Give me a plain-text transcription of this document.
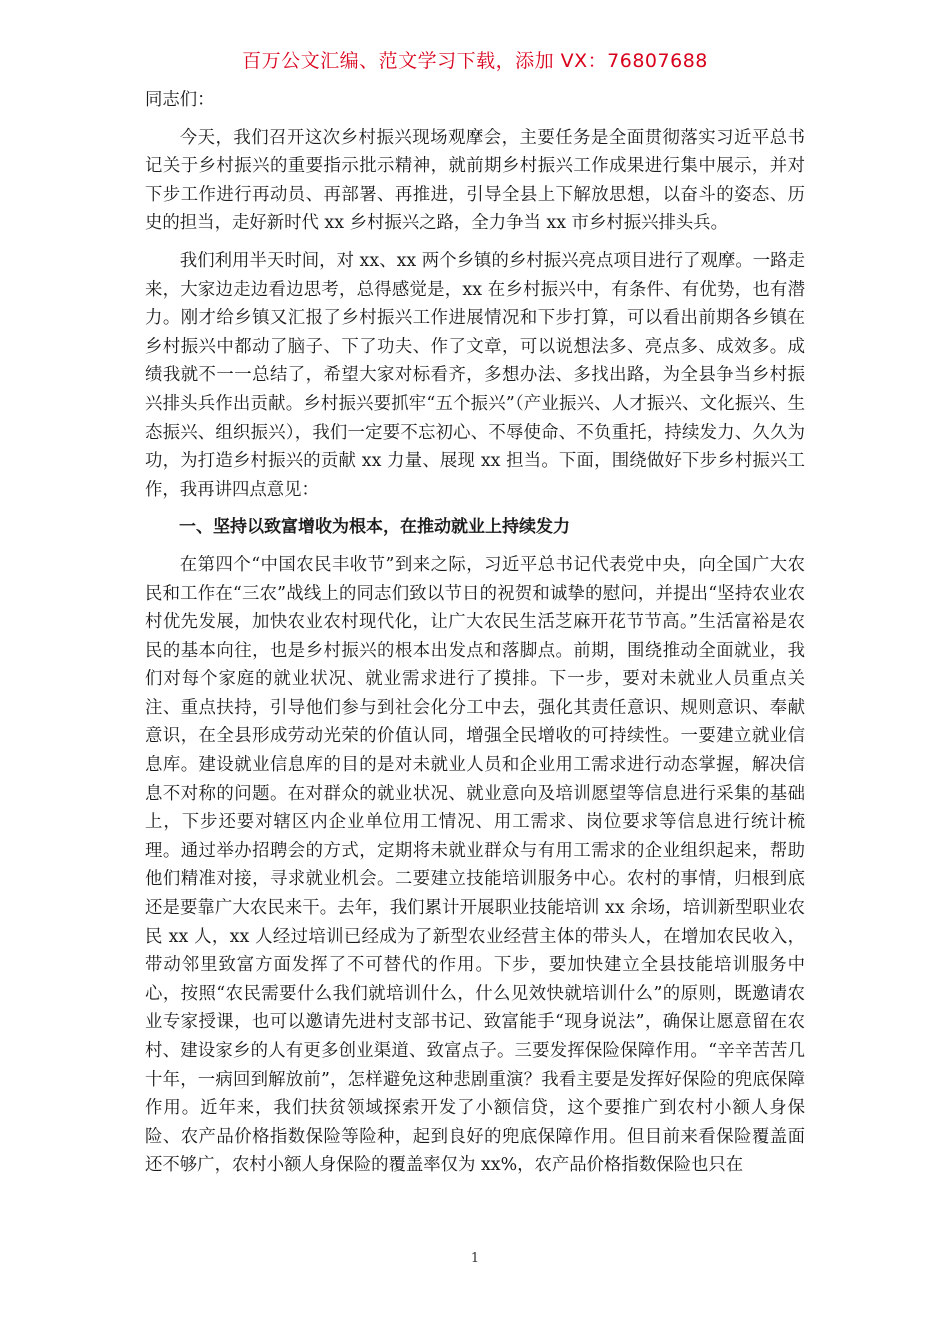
百万公文汇编、范文学习下载，添加 VX：76807688

同志们：

今天，我们召开这次乡村振兴现场观摩会，主要任务是全面贯彻落实习近平总书记关于乡村振兴的重要指示批示精神，就前期乡村振兴工作成果进行集中展示，并对下步工作进行再动员、再部署、再推进，引导全县上下解放思想，以奋斗的姿态、历史的担当，走好新时代 xx 乡村振兴之路，全力争当 xx 市乡村振兴排头兵。

我们利用半天时间，对 xx、xx 两个乡镇的乡村振兴亮点项目进行了观摩。一路走来，大家边走边看边思考，总得感觉是，xx 在乡村振兴中，有条件、有优势，也有潜力。刚才给乡镇又汇报了乡村振兴工作进展情况和下步打算，可以看出前期各乡镇在乡村振兴中都动了脑子、下了功夫、作了文章，可以说想法多、亮点多、成效多。成绩我就不一一总结了，希望大家对标看齐，多想办法、多找出路，为全县争当乡村振兴排头兵作出贡献。乡村振兴要抓牢“五个振兴”（产业振兴、人才振兴、文化振兴、生态振兴、组织振兴），我们一定要不忘初心、不辱使命、不负重托，持续发力、久久为功，为打造乡村振兴的贡献 xx 力量、展现 xx 担当。下面，围绕做好下步乡村振兴工作，我再讲四点意见：

一、坚持以致富增收为根本，在推动就业上持续发力

在第四个“中国农民丰收节”到来之际，习近平总书记代表党中央，向全国广大农民和工作在“三农”战线上的同志们致以节日的祝贺和诚挚的慰问，并提出“坚持农业农村优先发展，加快农业农村现代化，让广大农民生活芝麻开花节节高。”生活富裕是农民的基本向往，也是乡村振兴的根本出发点和落脚点。前期，围绕推动全面就业，我们对每个家庭的就业状况、就业需求进行了摸排。下一步，要对未就业人员重点关注、重点扶持，引导他们参与到社会化分工中去，强化其责任意识、规则意识、奉献意识，在全县形成劳动光荣的价值认同，增强全民增收的可持续性。一要建立就业信息库。建设就业信息库的目的是对未就业人员和企业用工需求进行动态掌握，解决信息不对称的问题。在对群众的就业状况、就业意向及培训愿望等信息进行采集的基础上，下步还要对辖区内企业单位用工情况、用工需求、岗位要求等信息进行统计梳理。通过举办招聘会的方式，定期将未就业群众与有用工需求的企业组织起来，帮助他们精准对接，寻求就业机会。二要建立技能培训服务中心。农村的事情，归根到底还是要靠广大农民来干。去年，我们累计开展职业技能培训 xx 余场，培训新型职业农民 xx 人，xx 人经过培训已经成为了新型农业经营主体的带头人，在增加农民收入，带动邻里致富方面发挥了不可替代的作用。下步，要加快建立全县技能培训服务中心，按照“农民需要什么我们就培训什么，什么见效快就培训什么”的原则，既邀请农业专家授课，也可以邀请先进村支部书记、致富能手“现身说法”，确保让愿意留在农村、建设家乡的人有更多创业渠道、致富点子。三要发挥保险保障作用。“辛辛苦苦几十年，一病回到解放前”，怎样避免这种悲剧重演？我看主要是发挥好保险的兜底保障作用。近年来，我们扶贫领域探索开发了小额信贷，这个要推广到农村小额人身保险、农产品价格指数保险等险种，起到良好的兜底保障作用。但目前来看保险覆盖面还不够广，农村小额人身保险的覆盖率仅为 xx%，农产品价格指数保险也只在

1
